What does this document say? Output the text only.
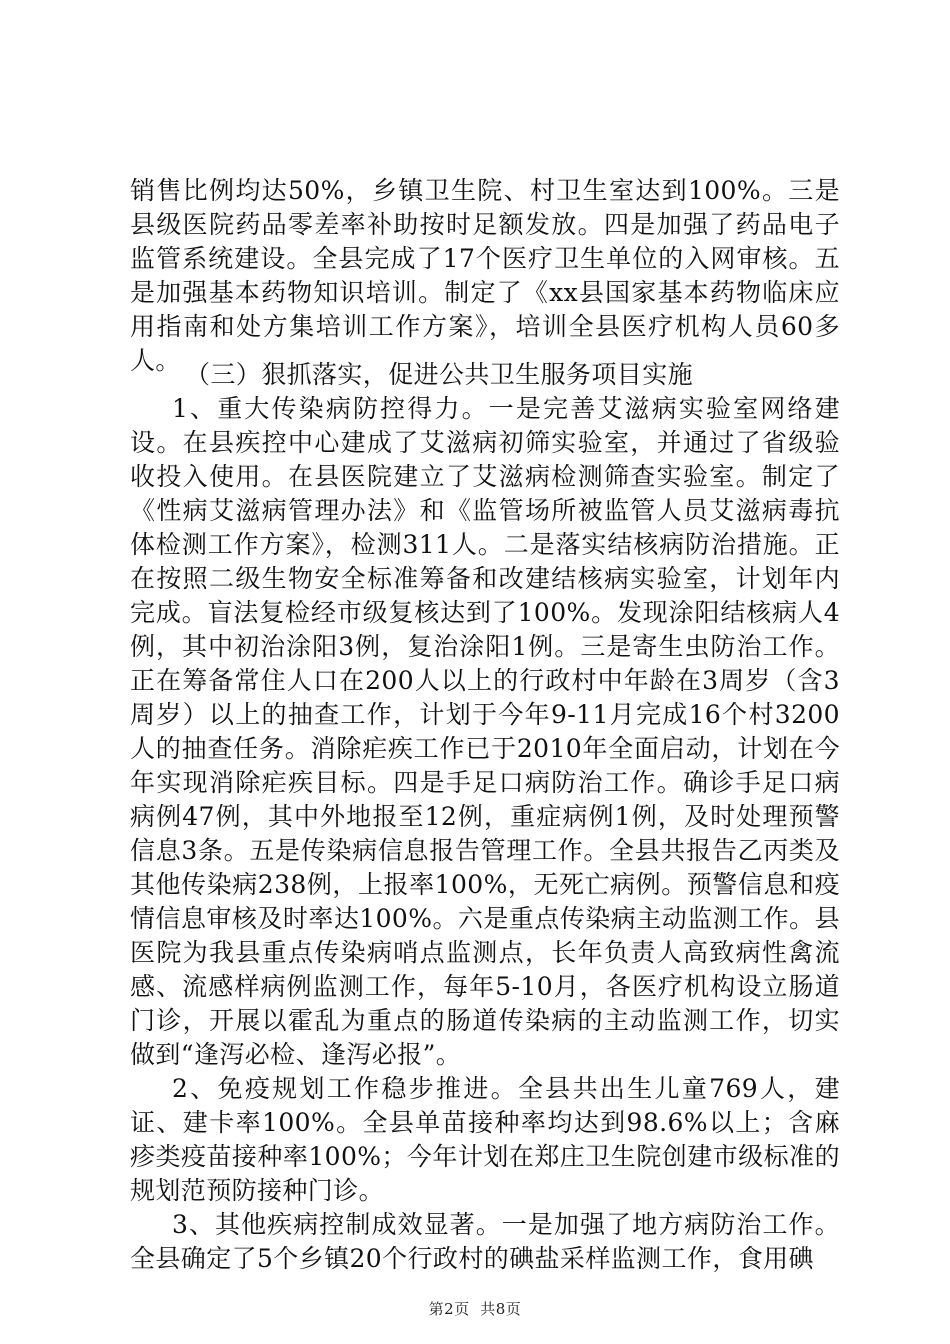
销售比例均达50%，乡镇卫生院、村卫生室达到100%。三是县级医院药品零差率补助按时足额发放。四是加强了药品电子监管系统建设。全县完成了17个医疗卫生单位的入网审核。五是加强基本药物知识培训。制定了《xx县国家基本药物临床应用指南和处方集培训工作方案》，培训全县医疗机构人员60多人。 （三）狠抓落实，促进公共卫生服务项目实施

1、重大传染病防控得力。一是完善艾滋病实验室网络建设。在县疾控中心建成了艾滋病初筛实验室，并通过了省级验收投入使用。在县医院建立了艾滋病检测筛查实验室。制定了《性病艾滋病管理办法》和《监管场所被监管人员艾滋病毒抗体检测工作方案》，检测311人。二是落实结核病防治措施。正在按照二级生物安全标准筹备和改建结核病实验室，计划年内完成。盲法复检经市级复核达到了100%。发现涂阳结核病人4例，其中初治涂阳3例，复治涂阳1例。三是寄生虫防治工作。正在筹备常住人口在200人以上的行政村中年龄在3周岁（含3周岁）以上的抽查工作，计划于今年9-11月完成16个村3200人的抽查任务。消除疟疾工作已于2010年全面启动，计划在今年实现消除疟疾目标。四是手足口病防治工作。确诊手足口病病例47例，其中外地报至12例，重症病例1例，及时处理预警信息3条。五是传染病信息报告管理工作。全县共报告乙丙类及其他传染病238例，上报率100%，无死亡病例。预警信息和疫情信息审核及时率达100%。六是重点传染病主动监测工作。县医院为我县重点传染病哨点监测点，长年负责人高致病性禽流感、流感样病例监测工作，每年5-10月，各医疗机构设立肠道门诊，开展以霍乱为重点的肠道传染病的主动监测工作，切实做到“逢泻必检、逢泻必报”。

2、免疫规划工作稳步推进。全县共出生儿童769人，建证、建卡率100%。全县单苗接种率均达到98.6%以上；含麻疹类疫苗接种率100%；今年计划在郑庄卫生院创建市级标准的规划范预防接种门诊。

3、其他疾病控制成效显著。一是加强了地方病防治工作。全县确定了5个乡镇20个行政村的碘盐采样监测工作，食用碘

第2页 共8页
